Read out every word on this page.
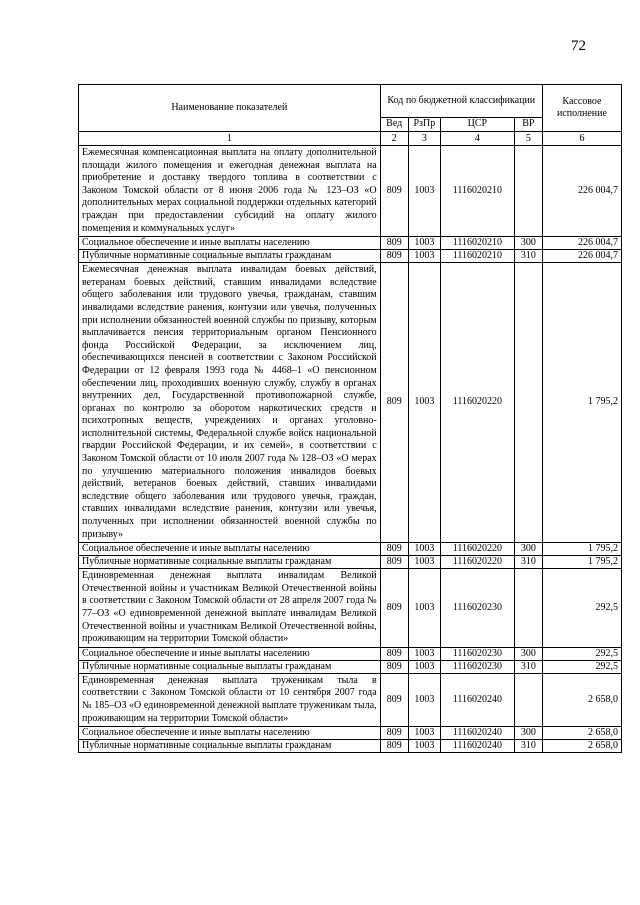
72
Наименование показателей	Код по бюджетной классификации				Кассовое исполнение
	Вед	РзПр	ЦСР	ВР	
1	2	3	4	5	6
Ежемесячная компенсационная выплата на оплату дополнительной площади жилого помещения и ежегодная денежная выплата на приобретение и доставку твердого топлива в соответствии с Законом Томской области от 8 июня 2006 года № 123–ОЗ «О дополнительных мерах социальной поддержки отдельных категорий граждан при предоставлении субсидий на оплату жилого помещения и коммунальных услуг»	809	1003	1116020210		226 004,7
Социальное обеспечение и иные выплаты населению	809	1003	1116020210	300	226 004,7
Публичные нормативные социальные выплаты гражданам	809	1003	1116020210	310	226 004,7
Ежемесячная денежная выплата инвалидам боевых действий, ветеранам боевых действий, ставшим инвалидами вследствие общего заболевания или трудового увечья, гражданам, ставшим инвалидами вследствие ранения, контузии или увечья, полученных при исполнении обязанностей военной службы по призыву, которым выплачивается пенсия территориальным органом Пенсионного фонда Российской Федерации, за исключением лиц, обеспечивающихся пенсией в соответствии с Законом Российской Федерации от 12 февраля 1993 года № 4468–1 «О пенсионном обеспечении лиц, проходивших военную службу, службу в органах внутренних дел, Государственной противопожарной службе, органах по контролю за оборотом наркотических средств и психотропных веществ, учреждениях и органах уголовно-исполнительной системы, Федеральной службе войск национальной гвардии Российской Федерации, и их семей», в соответствии с Законом Томской области от 10 июля 2007 года № 128–ОЗ «О мерах по улучшению материального положения инвалидов боевых действий, ветеранов боевых действий, ставших инвалидами вследствие общего заболевания или трудового увечья, граждан, ставших инвалидами вследствие ранения, контузии или увечья, полученных при исполнении обязанностей военной службы по призыву»	809	1003	1116020220		1 795,2
Социальное обеспечение и иные выплаты населению	809	1003	1116020220	300	1 795,2
Публичные нормативные социальные выплаты гражданам	809	1003	1116020220	310	1 795,2
Единовременная денежная выплата инвалидам Великой Отечественной войны и участникам Великой Отечественной войны в соответствии с Законом Томской области от 28 апреля 2007 года № 77–ОЗ «О единовременной денежной выплате инвалидам Великой Отечественной войны и участникам Великой Отечественной войны, проживающим на территории Томской области»	809	1003	1116020230		292,5
Социальное обеспечение и иные выплаты населению	809	1003	1116020230	300	292,5
Публичные нормативные социальные выплаты гражданам	809	1003	1116020230	310	292,5
Единовременная денежная выплата труженикам тыла в соответствии с Законом Томской области от 10 сентября 2007 года № 185–ОЗ «О единовременной денежной выплате труженикам тыла, проживающим на территории Томской области»	809	1003	1116020240		2 658,0
Социальное обеспечение и иные выплаты населению	809	1003	1116020240	300	2 658,0
Публичные нормативные социальные выплаты гражданам	809	1003	1116020240	310	2 658,0
